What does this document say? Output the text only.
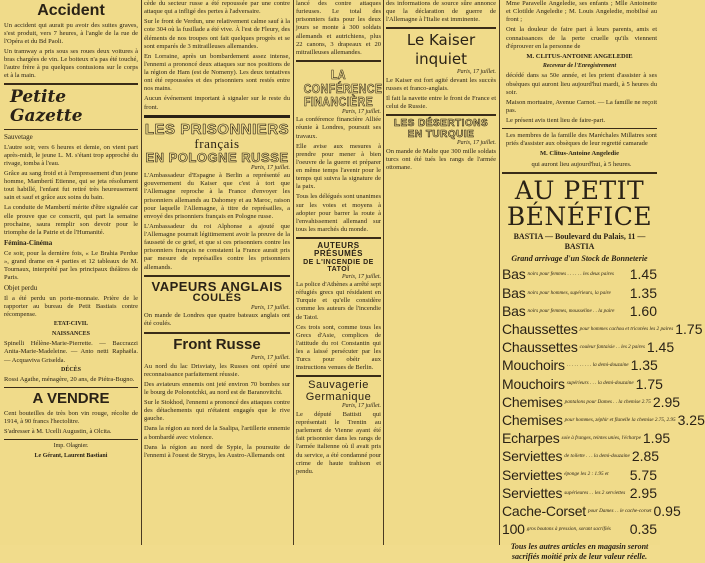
Accident

Un accident qui aurait pu avoir des suites graves, s'est produit, vers 7 heures, à l'angle de la rue de l'Opéra et du Bd Paoli.

Un tramway a pris sous ses roues deux voitures à bras chargées de vin. Le boiteux n'a pas été touché, l'autre frère à pu quelques contusions sur le corps et à la main.

Petite Gazette
Sauvetage

L'autre soir, vers 6 heures et demie, on vient part après-midi, le jeune L. M. s'étant trop approché du rivage, tomba à l'eau.

Grâce au sang froid et à l'empressement d'un jeune homme, Mambertí Etienne, qui se jeta résolument tout habillé, l'enfant fut retiré très heureusement sain et sauf et grâce aux soins du bain.

La conduite de Mambertí mérite d'être signalée car elle prouve que ce conscrit, qui part la semaine prochaine, saura remplir son devoir pour le triomphe de la Patrie et de l'Humanité.

Fémina-Cinéma

Ce soir, pour la dernière fois, « Le Brahia Perdue », grand drame en 4 parties et 12 tableaux de M. Tournaux, interprété par les principaux théâtres de Paris.

Objet perdu

Il a été perdu un porte-monnaie. Prière de le rapporter au bureau de Petit Bastiais contre récompense.

ETAT-CIVIL
NAISSANCES

Spinelli Hélène-Marie-Pierrette. — Baccrazzi Anita-Marie-Madeleine. — Anto netti Raphaëla. — Acquaviva Griselda.

DÉCÈS

Rossi Agathe, ménagère, 20 ans, de Piétra-Bugno.

A VENDRE

Cent bouteilles de très bon vin rouge, récolte de 1914, à 90 francs l'hectolitre.

S'adresser à M. Ucelli Augustin, à Olcita.

Imp. Olagnier.
Le Gérant, Laurent Bastiani

cède du secteur russe a été repoussée par une contre attaque qui a infligé des pertes à l'adversaire.

Sur le front de Verdun, une relativement calme sauf à la cote 304 où la fusillade a été vive. À l'est de Fleury, des éléments de nos troupes ont fait quelques progrès et se sont emparés de 3 mitrailleuses allemandes.

En Lorraine, après un bombardement assez intense, l'ennemi a prononcé deux attaques sur nos positions de la région de Ham (est de Nomeny). Les deux tentatives ont été repoussées et des prisonniers sont restés entre nos mains.

Aucun événement important à signaler sur le reste du front.

LES PRISONNIERS
français
EN POLOGNE RUSSE
Paris, 17 juillet.

L'Ambassadeur d'Espagne à Berlin a représenté au gouvernement du Kaiser que c'est à tort que l'Allemagne reproche à la France d'envoyer les prisonniers allemands au Dahomey et au Maroc, raison pour laquelle l'Allemagne, à titre de représailles, a envoyé des prisonniers français en Pologne russe.

L'Ambassadeur du roi Alphonse a ajouté que l'Allemagne pourrait légitimement avoir la preuve de la fausseté de ce grief, et que si ces prisonniers contre les prisonniers français ne constatent la France aurait pris par mesure de représailles contre les prisonniers allemands.

VAPEURS ANGLAIS
COULÉS
Paris, 17 juillet.

On mande de Londres que quatre bateaux anglais ont été coulés.

Front Russe
Paris, 17 juillet.

Au nord du lac Drisviaty, les Russes ont opéré une reconnaissance parfaitement réussie.

Des aviateurs ennemis ont jeté environ 70 bombes sur le bourg de Polonotchki, au nord est de Baranovitchi.

Sur le Stokhod, l'ennemi a prononcé des attaques contre des détachements qui n'étaient engagés que le rive gauche.

Dans la région au nord de la Ssalipa, l'artillerie ennemie a bombardé avec violence.

Dans la région au nord de Sypie, la poursuite de l'ennemi à l'ouest de Stryps, les Austro-Allemands ont

lancé des contre attaques furieuses. Le total des prisonniers faits pour les deux jours se monte à 300 soldats allemands et autrichiens, plus 22 canons, 3 drapeaux et 20 mitrailleuses allemandes.

LA CONFÉRENCE
FINANCIÈRE
Paris, 17 juillet.

La conférence financière Alliée réunie à Londres, poursuit ses travaux.

Elle avise aux mesures à prendre pour mener à bien l'oeuvre de la guerre et préparer en même temps l'avenir pour le temps qui suivra la signature de la paix.

Tous les délégués sont unanimes sur les voies et moyens à adopter pour barrer la route à l'envahissement allemand sur tous les marchés du monde.

AUTEURS PRÉSUMÉS
DE L'INCENDIE DE TATOÏ
Paris, 17 juillet.

La police d'Athènes a arrêté sept réfugiés grecs qui résidaient en Turquie et qu'elle considère comme les auteurs de l'incendie de Tatoï.

Ces trois sont, comme tous les Grecs d'Asie, complices de l'attitude du roi Constantin qui les a laissé persécuter par les Turcs pour obéir aux instructions venues de Berlin.

Sauvagerie
Germanique
Paris, 17 juillet.

Le député Battisti qui représentait le Trentin au parlement de Vienne ayant été fait prisonnier dans les rangs de l'armée italienne où il avait pris du service, a été condamné pour crime de haute trahison et pendu.

des informations de source sûre annonce que la déclaration de guerre de l'Allemagne à l'Italie est imminente.

Le Kaiser
inquiet
Paris, 17 juillet.

Le Kaiser est fort agité devant les succès russes et franco-anglais.

Il fait la navette entre le front de France et celui de Russie.

LES DÉSERTIONS
EN TURQUIE
Paris, 17 juillet.

On mande de Malte que 300 mille soldats turcs ont été tués les rangs de l'armée ottomane.

Mme Paravelle Angeledie, ses enfants ; Mlle Antoinette et Clotilde Angeledie ; M. Louis Angeledie, mobilisé au front ;

Ont la douleur de faire part à leurs parents, amis et connaissances de la perte cruelle qu'ils viennent d'éprouver en la personne de

M. CLITUS-ANTOINE ANGELEDIE
Receveur de l'Enregistrement

décédé dans sa 50e année, et les prient d'assister à ses obsèques qui auront lieu aujourd'hui mardi, à 5 heures du soir.

Maison mortuaire, Avenue Carnot. — La famille ne reçoit pas.

Le présent avis tient lieu de faire-part.

Les membres de la famille des Maréchales Millatres sont priés d'assister aux obsèques de leur regretté camarade

M. Clitus-Antoine Angeledie

qui auront lieu aujourd'hui, à 5 heures.

AU PETIT BÉNÉFICE
BASTIA — Boulevard du Palais, 11 — BASTIA
Grand arrivage d'un Stock de Bonneterie
Bas noirs pour femmes . . . . . . les deux paires	1.45
Bas noirs pour hommes, supérieurs, la paire	1.35
Bas noirs pour femmes, mousseline . . la paire	1.60
Chaussettes pour hommes cachou et tricotées les 2 paires 1.75
Chaussettes couleur fantaisie . . les 2 paires 1.45
Mouchoirs . . . . . . . . . . la demi-douzaine 1.35
Mouchoirs supérieurs . . . la demi-douzaine 1.75
Chemises pantalons pour Dames . . la chemise 2.75 2.95
Chemises pour hommes, zéphir et flanelle la chemise 2.75, 2.95 3.25
Echarpes soie à franges, teintes unies, l'écharpe 1.95
Serviettes de toilette . . . la demi-douzaine 2.85
Serviettes éponge les 2 : 1.95 et	5.75
Serviettes supérieures . . les 2 serviettes 2.95
Cache-Corset pour Dames . . le cache-corset 0.95
100 gros boutons à pression, sorant sacrifiés	0.35
Tous les autres articles en magasin seront sacrifiés moitié prix de leur valeur réelle.
